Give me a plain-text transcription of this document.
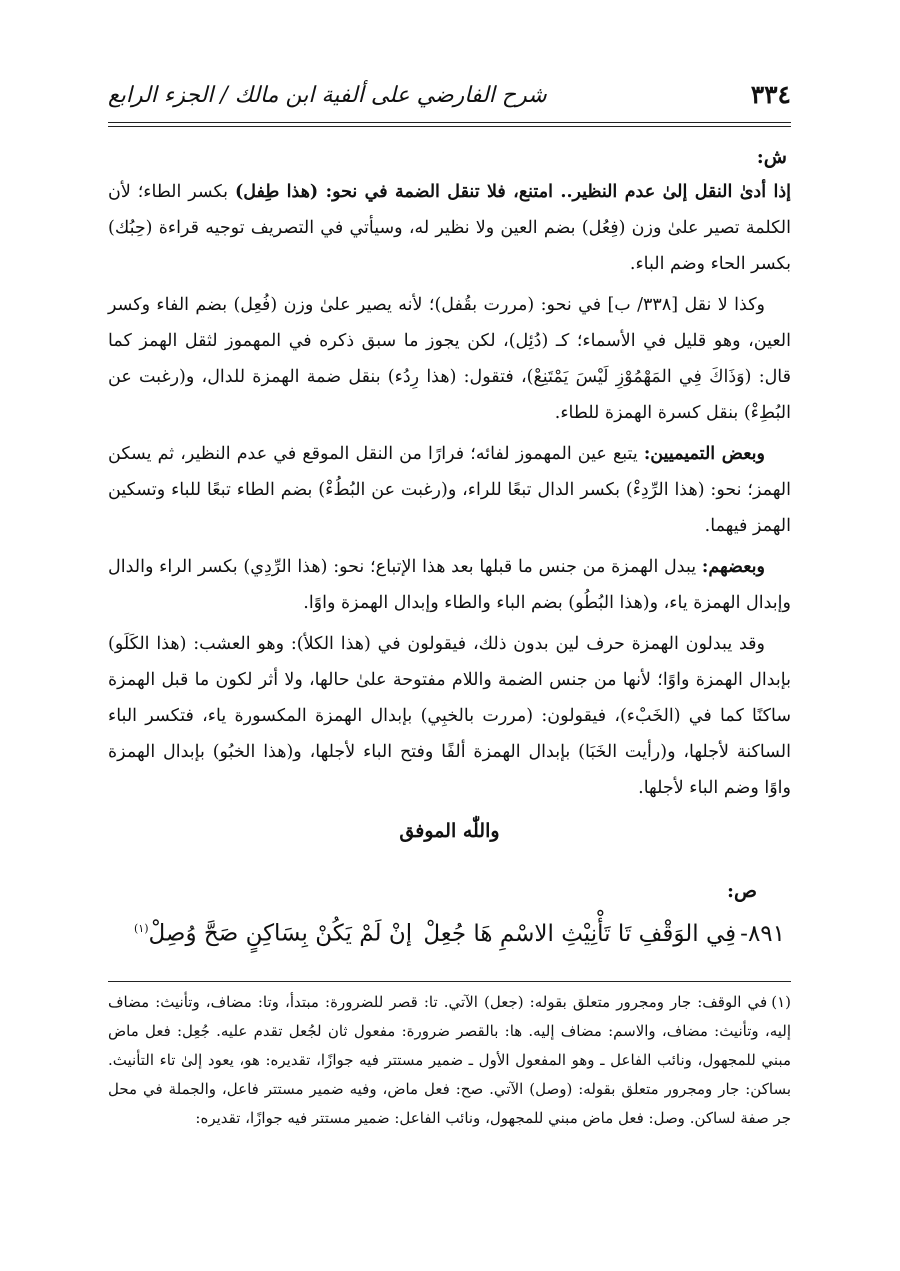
٣٣٤
شرح الفارضي على ألفية ابن مالك / الجزء الرابع
ش:

إذا أدىٰ النقل إلىٰ عدم النظير.. امتنع، فلا تنقل الضمة في نحو: (هذا طِفل) بكسر الطاء؛ لأن الكلمة تصير علىٰ وزن (فِعُل) بضم العين ولا نظير له، وسيأتي في التصريف توجيه قراءة (حِبُك) بكسر الحاء وضم الباء.

وكذا لا نقل [٣٣٨/ ب] في نحو: (مررت بقُفل)؛ لأنه يصير علىٰ وزن (فُعِل) بضم الفاء وكسر العين، وهو قليل في الأسماء؛ كـ (دُئِل)، لكن يجوز ما سبق ذكره في المهموز لثقل الهمز كما قال: (وَذَاكَ فِي المَهْمُوْزِ لَيْسَ يَمْتَنِعْ)، فتقول: (هذا رِدُء) بنقل ضمة الهمزة للدال، و(رغبت عن البُطِءْ) بنقل كسرة الهمزة للطاء.

وبعض التميميين: يتبع عين المهموز لفائه؛ فرارًا من النقل الموقع في عدم النظير، ثم يسكن الهمز؛ نحو: (هذا الرِّدِءْ) بكسر الدال تبعًا للراء، و(رغبت عن البُطُءْ) بضم الطاء تبعًا للباء وتسكين الهمز فيهما.

وبعضهم: يبدل الهمزة من جنس ما قبلها بعد هذا الإتباع؛ نحو: (هذا الرِّدِي) بكسر الراء والدال وإبدال الهمزة ياء، و(هذا البُطُو) بضم الباء والطاء وإبدال الهمزة واوًا.

وقد يبدلون الهمزة حرف لين بدون ذلك، فيقولون في (هذا الكلأ): وهو العشب: (هذا الكَلَو) بإبدال الهمزة واوًا؛ لأنها من جنس الضمة واللام مفتوحة علىٰ حالها، ولا أثر لكون ما قبل الهمزة ساكنًا كما في (الخَبْء)، فيقولون: (مررت بالخبِي) بإبدال الهمزة المكسورة ياء، فتكسر الباء الساكنة لأجلها، و(رأيت الخَبَا) بإبدال الهمزة ألفًا وفتح الباء لأجلها، و(هذا الخبُو) بإبدال الهمزة واوًا وضم الباء لأجلها.

واللّٰه الموفق
ص:
٨٩١-فِي الوَقْفِ تَا تَأْنِيْثِ الاسْمِ هَا جُعِلْ
إنْ لَمْ يَكُنْ بِسَاكِنٍ صَحَّ وُصِلْ$^{(١)}$
(١)في الوقف: جار ومجرور متعلق بقوله: (جعل) الآتي. تا: قصر للضرورة: مبتدأ، وتا: مضاف، وتأنيث: مضاف إليه، وتأنيث: مضاف، والاسم: مضاف إليه. ها: بالقصر ضرورة: مفعول ثان لجُعل تقدم عليه. جُعِل: فعل ماض مبني للمجهول، ونائب الفاعل ـ وهو المفعول الأول ـ ضمير مستتر فيه جوازًا، تقديره: هو، يعود إلىٰ تاء التأنيث. بساكن: جار ومجرور متعلق بقوله: (وصل) الآتي. صح: فعل ماض، وفيه ضمير مستتر فاعل، والجملة في محل جر صفة لساكن. وصل: فعل ماض مبني للمجهول، ونائب الفاعل: ضمير مستتر فيه جوازًا، تقديره:
